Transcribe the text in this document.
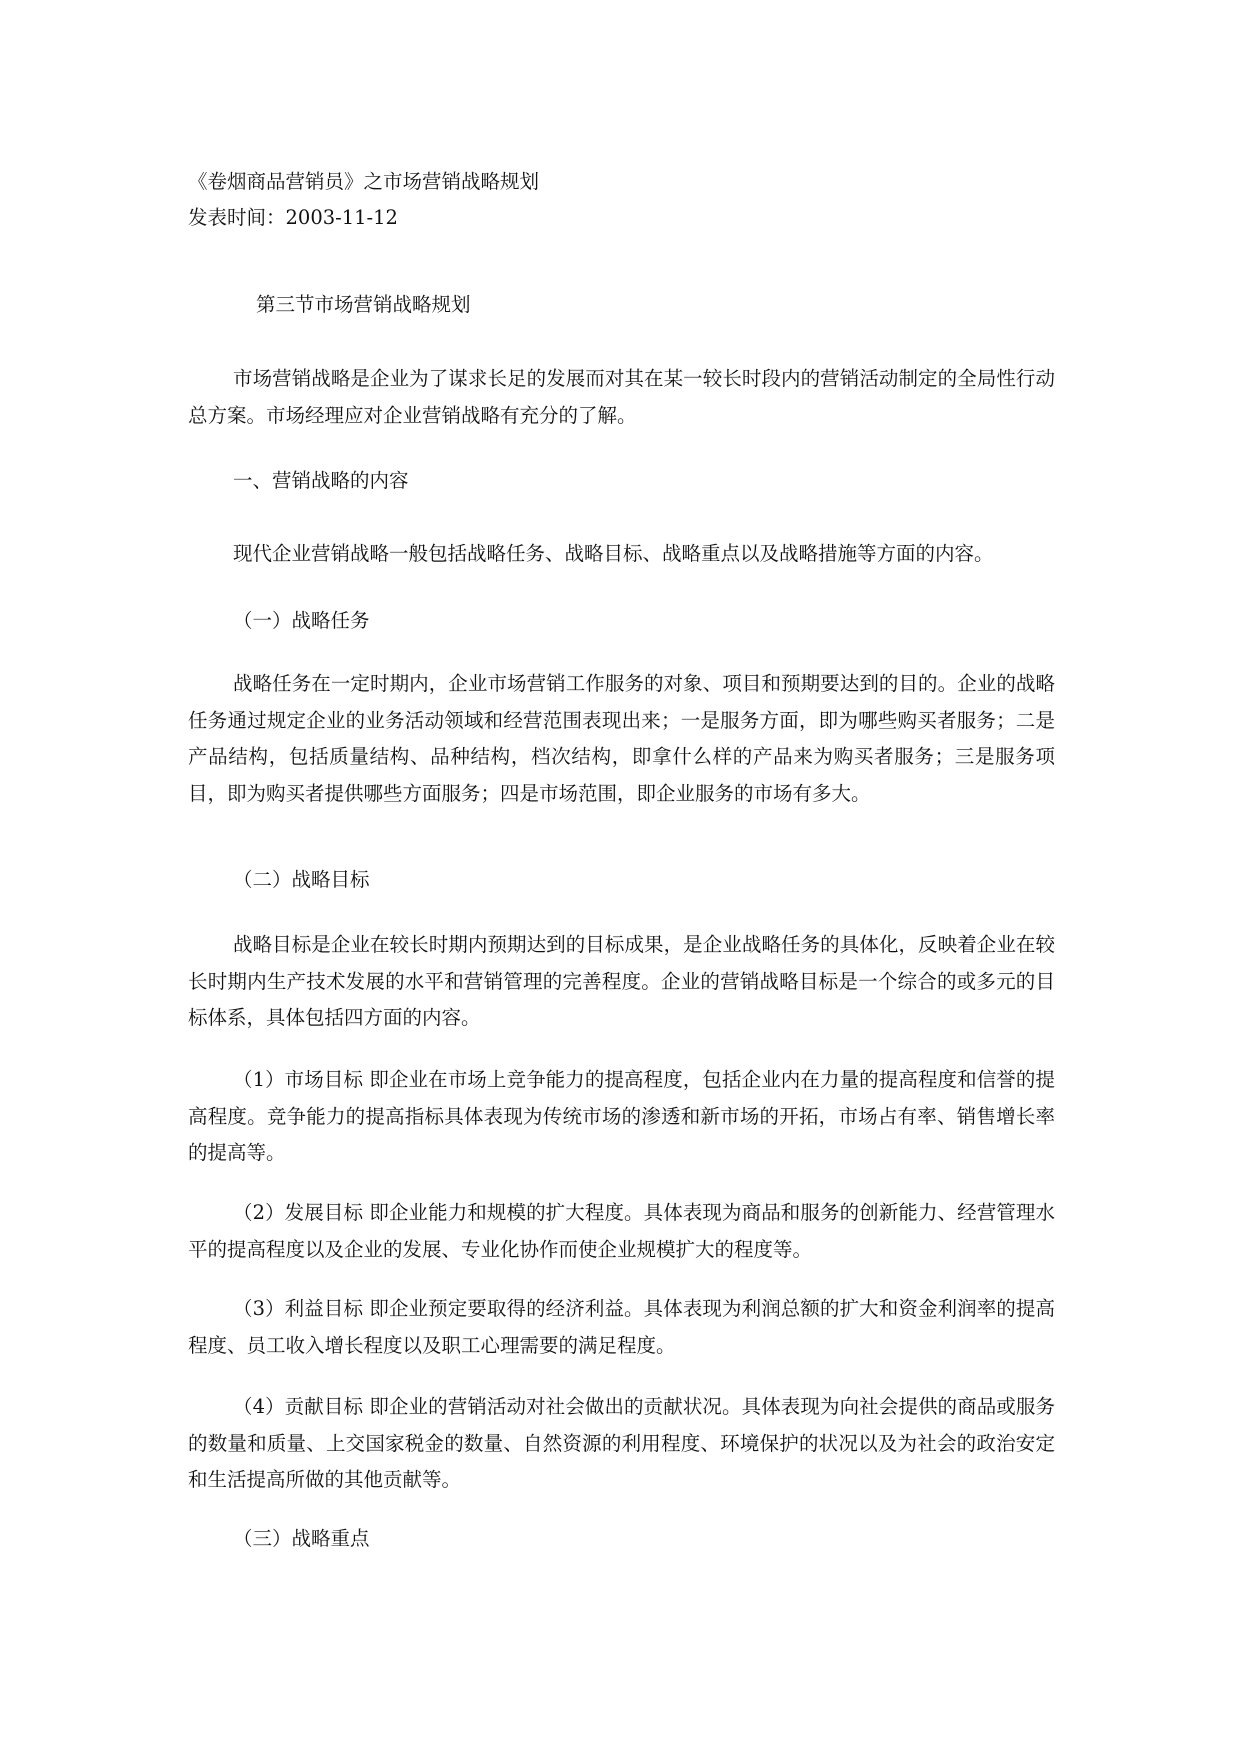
《卷烟商品营销员》之市场营销战略规划

发表时间：2003-11-12

第三节市场营销战略规划

市场营销战略是企业为了谋求长足的发展而对其在某一较长时段内的营销活动制定的全局性行动总方案。市场经理应对企业营销战略有充分的了解。

一、营销战略的内容

现代企业营销战略一般包括战略任务、战略目标、战略重点以及战略措施等方面的内容。

（一）战略任务

战略任务在一定时期内，企业市场营销工作服务的对象、项目和预期要达到的目的。企业的战略任务通过规定企业的业务活动领域和经营范围表现出来；一是服务方面，即为哪些购买者服务；二是产品结构，包括质量结构、品种结构，档次结构，即拿什么样的产品来为购买者服务；三是服务项目，即为购买者提供哪些方面服务；四是市场范围，即企业服务的市场有多大。

（二）战略目标

战略目标是企业在较长时期内预期达到的目标成果，是企业战略任务的具体化，反映着企业在较长时期内生产技术发展的水平和营销管理的完善程度。企业的营销战略目标是一个综合的或多元的目标体系，具体包括四方面的内容。

（1）市场目标 即企业在市场上竞争能力的提高程度，包括企业内在力量的提高程度和信誉的提高程度。竞争能力的提高指标具体表现为传统市场的渗透和新市场的开拓，市场占有率、销售增长率的提高等。

（2）发展目标 即企业能力和规模的扩大程度。具体表现为商品和服务的创新能力、经营管理水平的提高程度以及企业的发展、专业化协作而使企业规模扩大的程度等。

（3）利益目标 即企业预定要取得的经济利益。具体表现为利润总额的扩大和资金利润率的提高程度、员工收入增长程度以及职工心理需要的满足程度。

（4）贡献目标 即企业的营销活动对社会做出的贡献状况。具体表现为向社会提供的商品或服务的数量和质量、上交国家税金的数量、自然资源的利用程度、环境保护的状况以及为社会的政治安定和生活提高所做的其他贡献等。

（三）战略重点
